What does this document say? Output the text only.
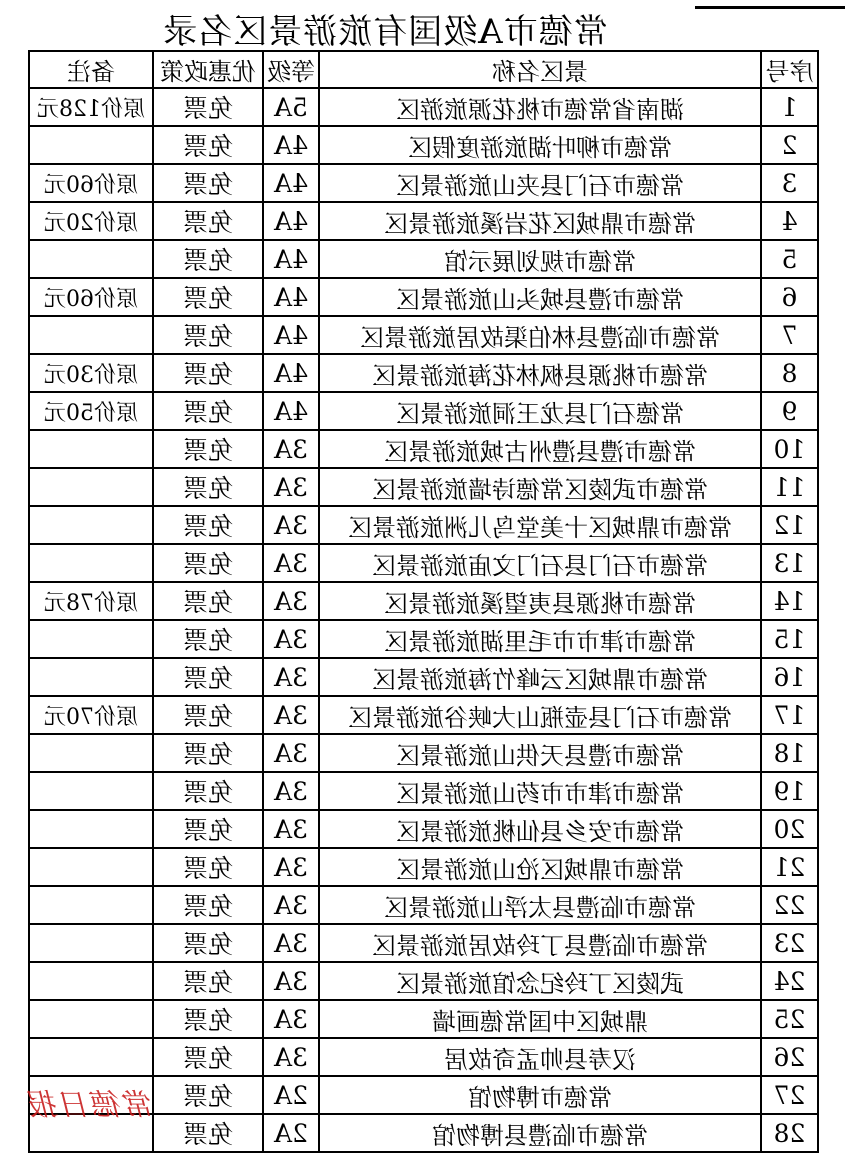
常德市A级国有旅游景区名录
序号	景区名称	等级	优惠政策	备注
1	湖南省常德市桃花源旅游区	5A	免票	原价128元
2	常德市柳叶湖旅游度假区	4A	免票	
3	常德市石门县夹山旅游景区	4A	免票	原价60元
4	常德市鼎城区花岩溪旅游景区	4A	免票	原价20元
5	常德市规划展示馆	4A	免票	
6	常德市澧县城头山旅游景区	4A	免票	原价60元
7	常德市临澧县林伯渠故居旅游景区	4A	免票	
8	常德市桃源县枫林花海旅游景区	4A	免票	原价30元
9	常德石门县龙王洞旅游景区	4A	免票	原价50元
10	常德市澧县澧州古城旅游景区	3A	免票	
11	常德市武陵区常德诗墙旅游景区	3A	免票	
12	常德市鼎城区十美堂鸟儿洲旅游景区	3A	免票	
13	常德市石门县石门文庙旅游景区	3A	免票	
14	常德市桃源县夷望溪旅游景区	3A	免票	原价78元
15	常德市津市市毛里湖旅游景区	3A	免票	
16	常德市鼎城区云峰竹海旅游景区	3A	免票	
17	常德市石门县壶瓶山大峡谷旅游景区	3A	免票	原价70元
18	常德市澧县天供山旅游景区	3A	免票	
19	常德市津市市药山旅游景区	3A	免票	
20	常德市安乡县仙桃旅游景区	3A	免票	
21	常德市鼎城区沧山旅游景区	3A	免票	
22	常德市临澧县太浮山旅游景区	3A	免票	
23	常德市临澧县丁玲故居旅游景区	3A	免票	
24	武陵区丁玲纪念馆旅游景区	3A	免票	
25	鼎城区中国常德画墙	3A	免票	
26	汉寿县帅孟奇故居	3A	免票	
27	常德市博物馆	2A	免票	
28	常德市临澧县博物馆	2A	免票	
常德日报
